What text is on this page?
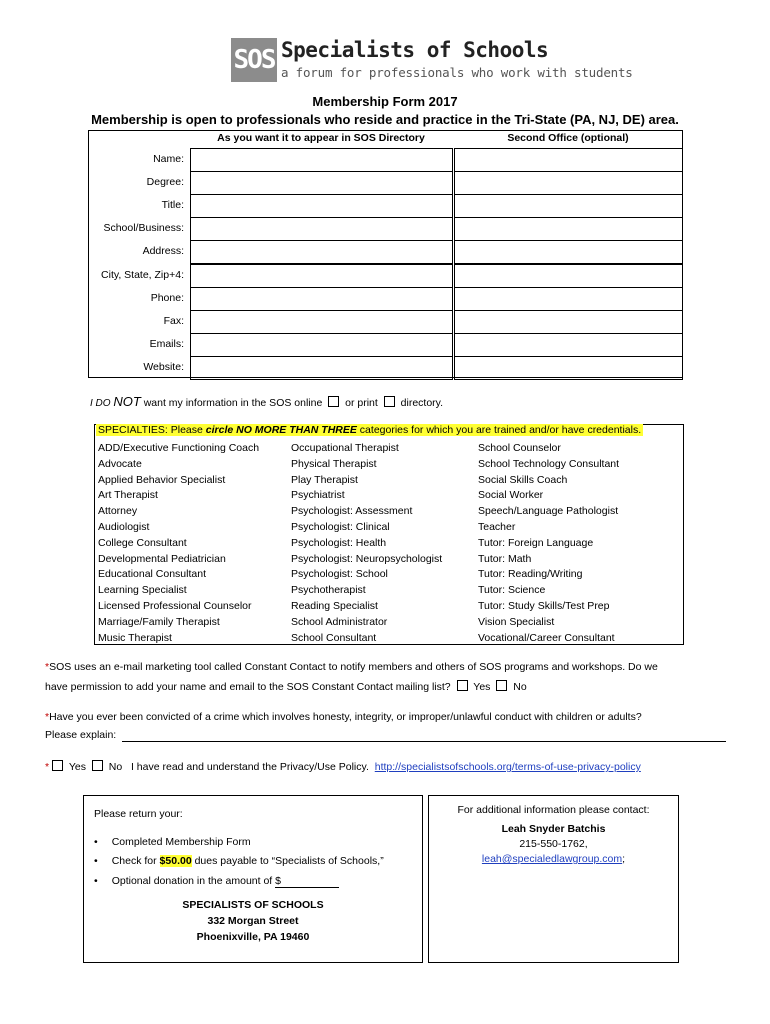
SOS Specialists of Schools
a forum for professionals who work with students
Membership Form 2017
Membership is open to professionals who reside and practice in the Tri-State (PA, NJ, DE) area.
As you want it to appear in SOS Directory	Second Office (optional)
Name:
Degree:
Title:
School/Business:
Address:
City, State, Zip+4:
Phone:
Fax:
Emails:
Website:
I DO NOT want my information in the SOS online  or print  directory.
SPECIALTIES: Please circle NO MORE THAN THREE categories for which you are trained and/or have credentials.
ADD/Executive Functioning Coach
Advocate
Applied Behavior Specialist
Art Therapist
Attorney
Audiologist
College Consultant
Developmental Pediatrician
Educational Consultant
Learning Specialist
Licensed Professional Counselor
Marriage/Family Therapist
Music Therapist
Occupational Therapist
Physical Therapist
Play Therapist
Psychiatrist
Psychologist: Assessment
Psychologist: Clinical
Psychologist: Health
Psychologist: Neuropsychologist
Psychologist: School
Psychotherapist
Reading Specialist
School Administrator
School Consultant
School Counselor
School Technology Consultant
Social Skills Coach
Social Worker
Speech/Language Pathologist
Teacher
Tutor: Foreign Language
Tutor: Math
Tutor: Reading/Writing
Tutor: Science
Tutor: Study Skills/Test Prep
Vision Specialist
Vocational/Career Consultant
*SOS uses an e-mail marketing tool called Constant Contact to notify members and others of SOS programs and workshops. Do we
have permission to add your name and email to the SOS Constant Contact mailing list?  Yes  No
*Have you ever been convicted of a crime which involves honesty, integrity, or improper/unlawful conduct with children or adults?
Please explain:
* Yes  No   I have read and understand the Privacy/Use Policy.  http://specialistsofschools.org/terms-of-use-privacy-policy
Please return your:
• Completed Membership Form
• Check for $50.00 dues payable to “Specialists of Schools,”
• Optional donation in the amount of $
SPECIALISTS OF SCHOOLS
332 Morgan Street
Phoenixville, PA 19460
For additional information please contact:
Leah Snyder Batchis
215-550-1762,
leah@specialedlawgroup.com;
